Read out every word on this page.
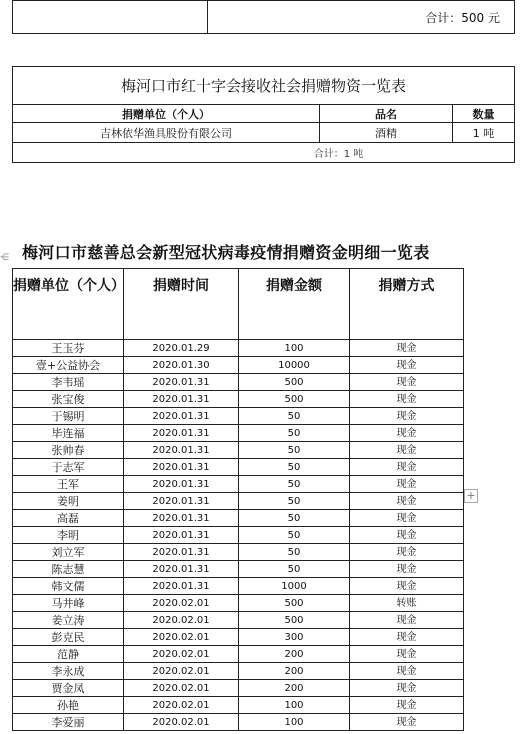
	合计：500 元
梅河口市红十字会接收社会捐赠物资一览表		
捐赠单位（个人）	品名	数量
吉林依华渔具股份有限公司	酒精	1 吨
合计：1 吨		
⋲ 梅河口市慈善总会新型冠状病毒疫情捐赠资金明细一览表
捐赠单位（个人）	捐赠时间	捐赠金额	捐赠方式
王玉芬	2020.01.29	100	现金
壹+公益协会	2020.01.30	10000	现金
李韦瑶	2020.01.31	500	现金
张宝俊	2020.01.31	500	现金
于锡明	2020.01.31	50	现金
毕连福	2020.01.31	50	现金
张帅春	2020.01.31	50	现金
于志军	2020.01.31	50	现金
王军	2020.01.31	50	现金
姜明	2020.01.31	50	现金
高磊	2020.01.31	50	现金
李明	2020.01.31	50	现金
刘立军	2020.01.31	50	现金
陈志慧	2020.01.31	50	现金
韩文儒	2020.01.31	1000	现金
马井峰	2020.02.01	500	转账
姜立涛	2020.02.01	500	现金
彭克民	2020.02.01	300	现金
范静	2020.02.01	200	现金
李永成	2020.02.01	200	现金
贾金凤	2020.02.01	200	现金
孙艳	2020.02.01	100	现金
李爱丽	2020.02.01	100	现金
+
